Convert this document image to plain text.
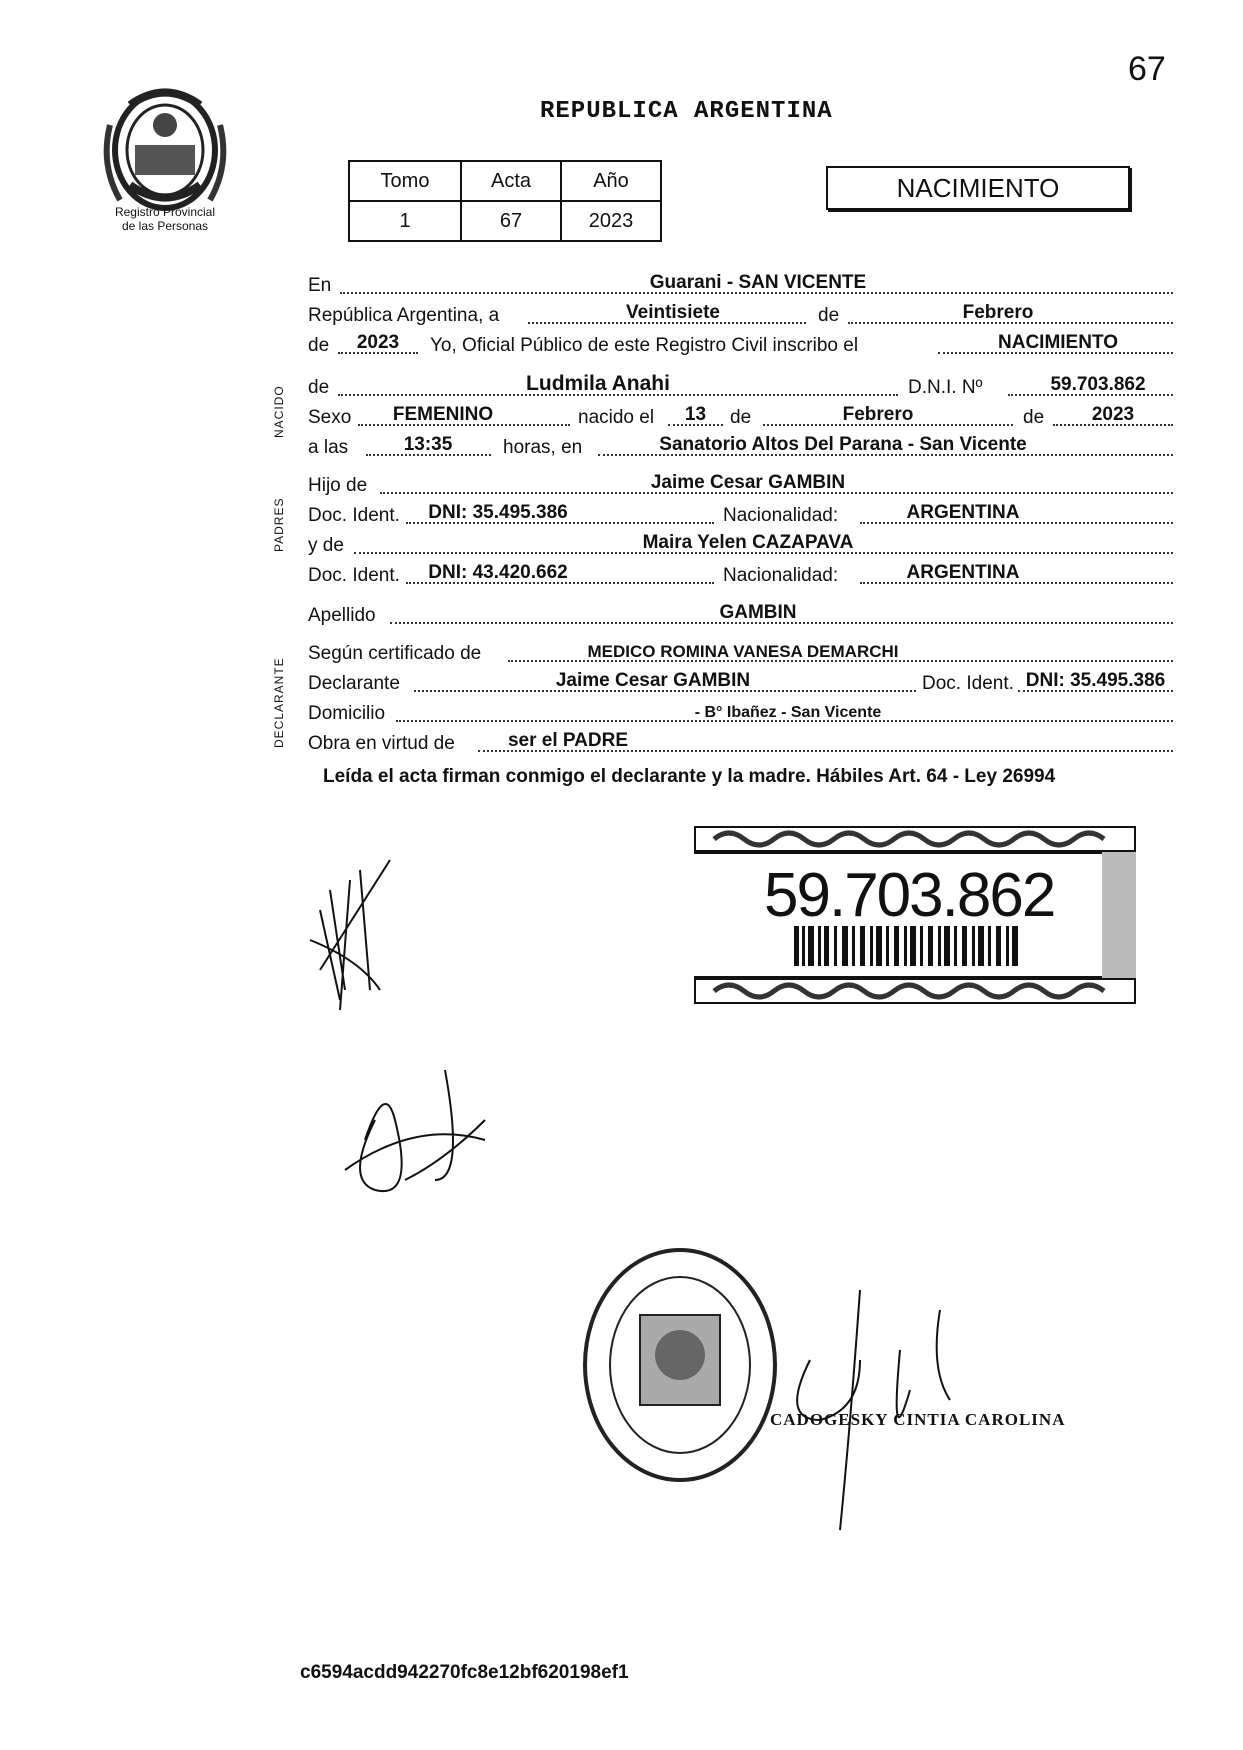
67
REPUBLICA ARGENTINA
Registro Provincial
de las Personas
Tomo	Acta	Año
1	67	2023
NACIMIENTO
NACIDO
PADRES
DECLARANTE
En	Guarani - SAN VICENTE
República Argentina, a	Veintisiete	de	Febrero
de	2023	Yo, Oficial Público de este Registro Civil inscribo el	NACIMIENTO
de	Ludmila Anahi	D.N.I. Nº	59.703.862
Sexo	FEMENINO	nacido el	13	de	Febrero	de	2023
a las	13:35	horas, en	Sanatorio Altos Del Parana - San Vicente
Hijo de	Jaime Cesar GAMBIN
Doc. Ident.	DNI: 35.495.386	Nacionalidad:	ARGENTINA
y de	Maira Yelen CAZAPAVA
Doc. Ident.	DNI: 43.420.662	Nacionalidad:	ARGENTINA
Apellido	GAMBIN
Según certificado de	MEDICO ROMINA VANESA DEMARCHI
Declarante	Jaime Cesar GAMBIN	Doc. Ident. DNI: 35.495.386
Domicilio	- B° Ibañez - San Vicente
Obra en virtud de	ser el PADRE
Leída el acta firman conmigo el declarante y la madre. Hábiles Art. 64 - Ley 26994
59.703.862
CADOGESKY CINTIA CAROLINA
c6594acdd942270fc8e12bf620198ef1
